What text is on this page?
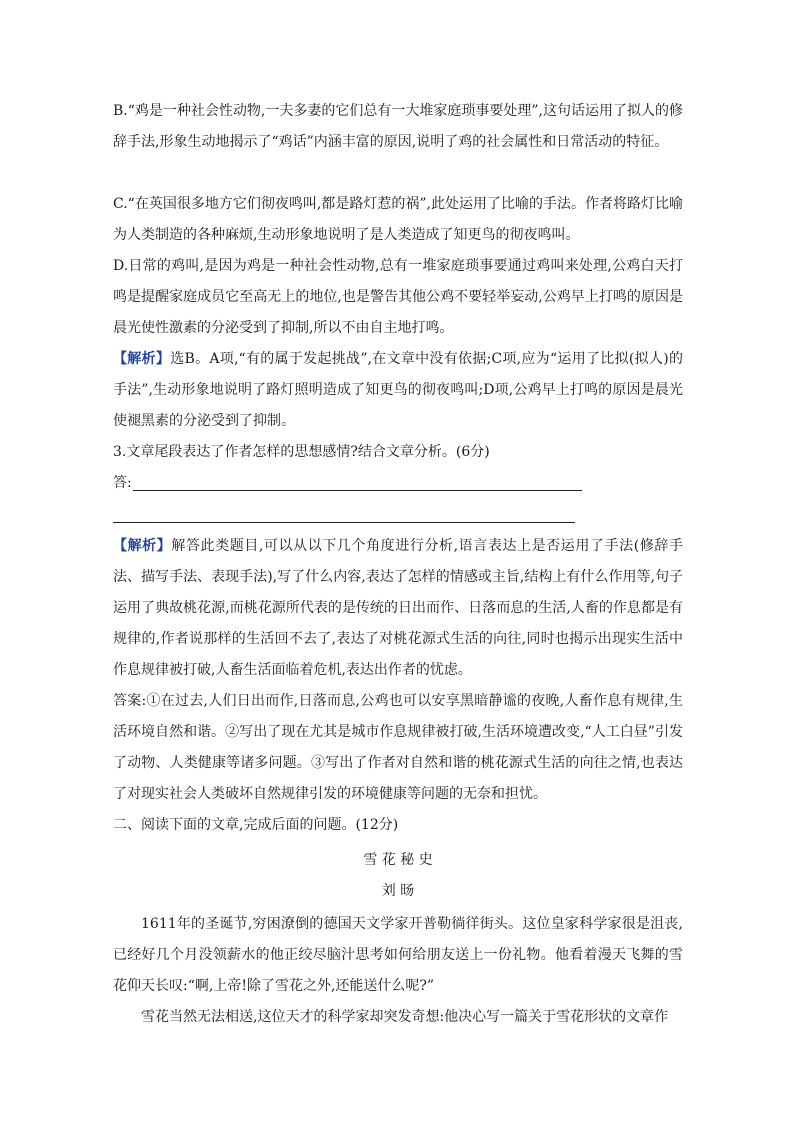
B.“鸡是一种社会性动物,一夫多妻的它们总有一大堆家庭琐事要处理”,这句话运用了拟人的修辞手法,形象生动地揭示了“鸡话”内涵丰富的原因,说明了鸡的社会属性和日常活动的特征。

C.“在英国很多地方它们彻夜鸣叫,都是路灯惹的祸”,此处运用了比喻的手法。作者将路灯比喻为人类制造的各种麻烦,生动形象地说明了是人类造成了知更鸟的彻夜鸣叫。

D.日常的鸡叫,是因为鸡是一种社会性动物,总有一堆家庭琐事要通过鸡叫来处理,公鸡白天打鸣是提醒家庭成员它至高无上的地位,也是警告其他公鸡不要轻举妄动,公鸡早上打鸣的原因是晨光使性激素的分泌受到了抑制,所以不由自主地打鸣。

【解析】选B。A项,“有的属于发起挑战”,在文章中没有依据;C项,应为“运用了比拟(拟人)的手法”,生动形象地说明了路灯照明造成了知更鸟的彻夜鸣叫;D项,公鸡早上打鸣的原因是晨光使褪黑素的分泌受到了抑制。

3.文章尾段表达了作者怎样的思想感情?结合文章分析。(6分)

答:

【解析】解答此类题目,可以从以下几个角度进行分析,语言表达上是否运用了手法(修辞手法、描写手法、表现手法),写了什么内容,表达了怎样的情感或主旨,结构上有什么作用等,句子运用了典故桃花源,而桃花源所代表的是传统的日出而作、日落而息的生活,人畜的作息都是有规律的,作者说那样的生活回不去了,表达了对桃花源式生活的向往,同时也揭示出现实生活中作息规律被打破,人畜生活面临着危机,表达出作者的忧虑。

答案:①在过去,人们日出而作,日落而息,公鸡也可以安享黑暗静谧的夜晚,人畜作息有规律,生活环境自然和谐。②写出了现在尤其是城市作息规律被打破,生活环境遭改变,“人工白昼”引发了动物、人类健康等诸多问题。③写出了作者对自然和谐的桃花源式生活的向往之情,也表达了对现实社会人类破坏自然规律引发的环境健康等问题的无奈和担忧。

二、阅读下面的文章,完成后面的问题。(12分)

雪 花 秘 史

刘 旸

1611年的圣诞节,穷困潦倒的德国天文学家开普勒徜徉街头。这位皇家科学家很是沮丧,已经好几个月没领薪水的他正绞尽脑汁思考如何给朋友送上一份礼物。他看着漫天飞舞的雪花仰天长叹:“啊,上帝!除了雪花之外,还能送什么呢?”

雪花当然无法相送,这位天才的科学家却突发奇想:他决心写一篇关于雪花形状的文章作
